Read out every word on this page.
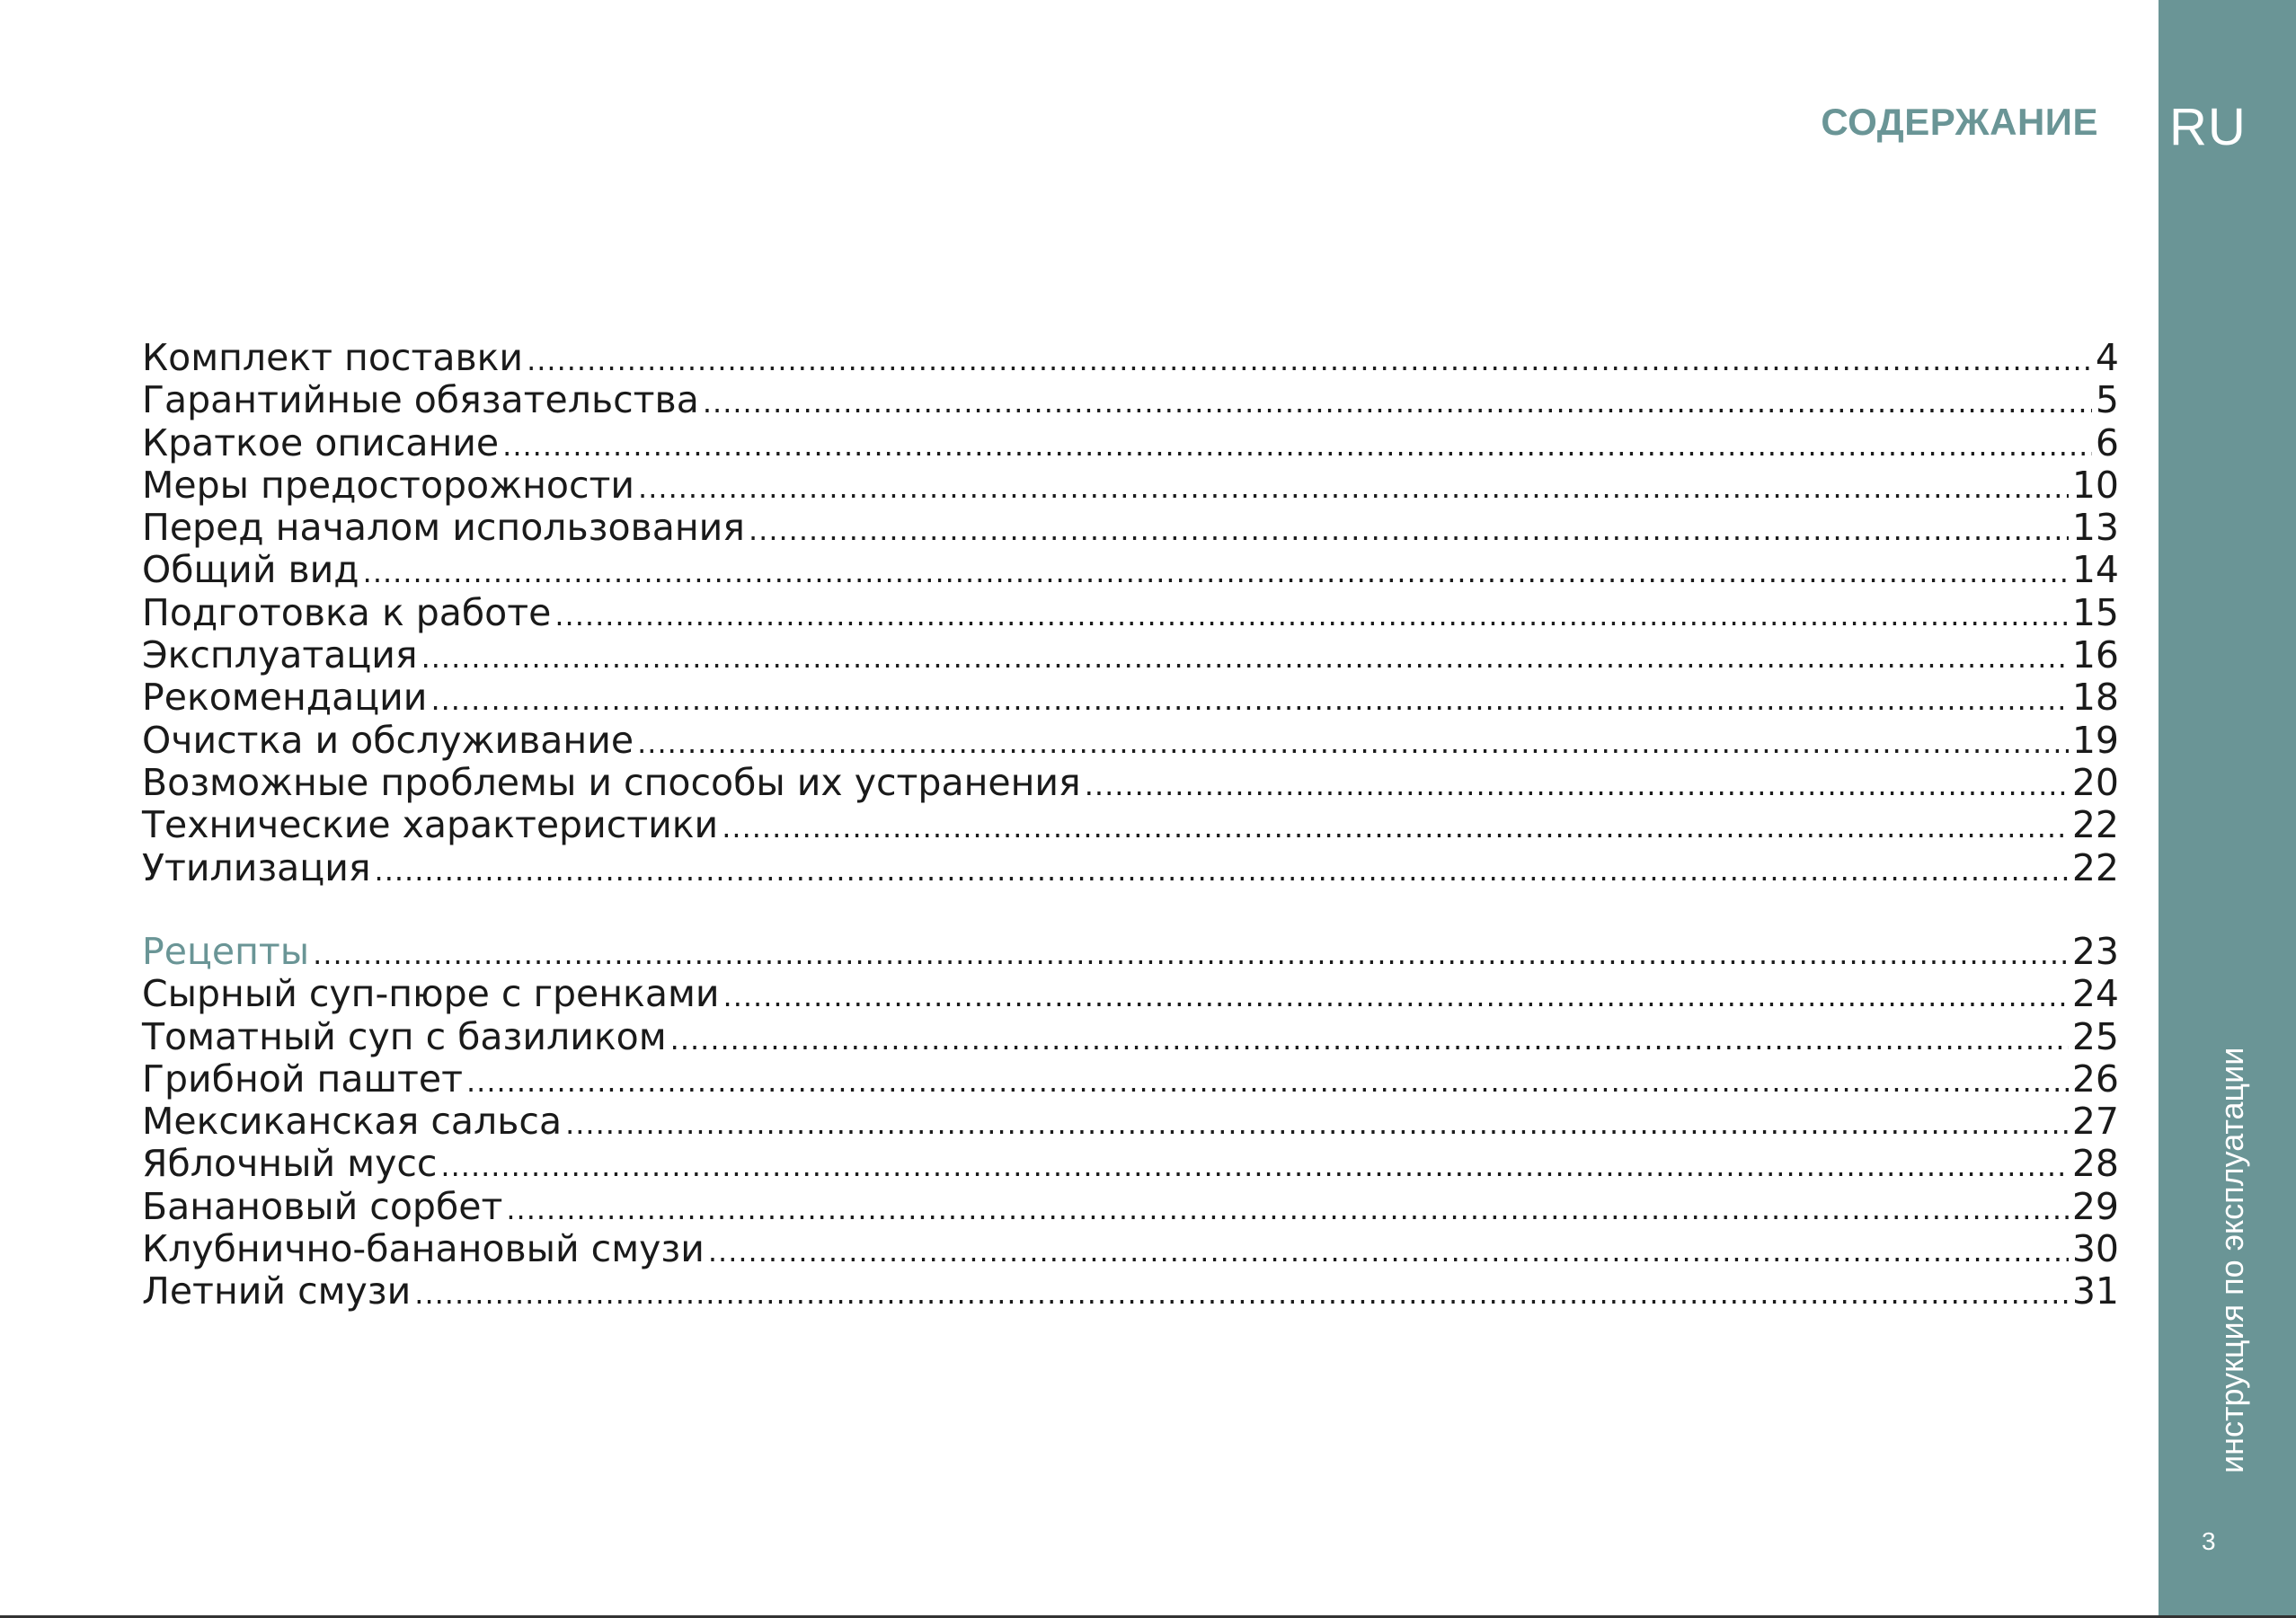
СОДЕРЖАНИЕ
Комплект поставки .....	4
Гарантийные обязательства .....	5
Краткое описание .....	6
Меры предосторожности .....	10
Перед началом использования .....	13
Общий вид .....	14
Подготовка к работе .....	15
Эксплуатация .....	16
Рекомендации .....	18
Очистка и обслуживание .....	19
Возможные проблемы и способы их устранения .....	20
Технические характеристики .....	22
Утилизация .....	22
Рецепты .....	23
Сырный суп-пюре с гренками .....	24
Томатный суп с базиликом .....	25
Грибной паштет .....	26
Мексиканская сальса .....	27
Яблочный мусс .....	28
Банановый сорбет .....	29
Клубнично-банановый смузи .....	30
Летний смузи .....	31
RU
инструкция по эксплуатации
3
